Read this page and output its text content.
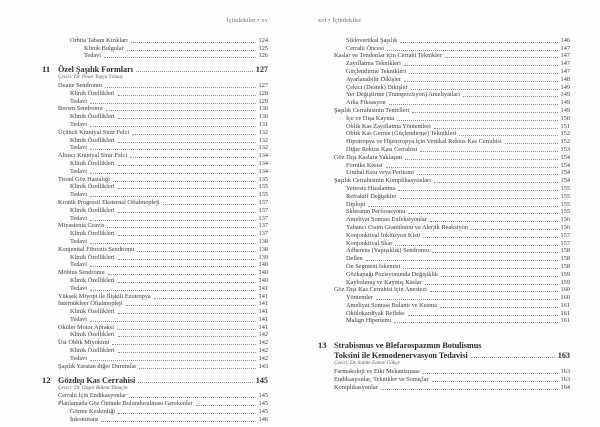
İçindekiler • xv	xvi • İçindekiler
Orbita Tabanı Kırıkları	124
Klinik Bulgular	125
Tedavi	126
11 Özel Şaşılık Formları	127
Çeviri: Dr. Pınar Topçu Yılmaz
Duane Sendromu	127
Klinik Özellikleri	128
Tedavi	129
Brown Sendromu	130
Klinik Özellikleri	130
Tedavi	131
Üçüncü Kraniyal Sinir Felci	132
Klinik Özellikleri	132
Tedavi	132
Altıncı Kraniyal Sinir Felci	134
Klinik Özellikleri	134
Tedavi	134
Tiroid Göz Hastalığı	135
Klinik Özellikleri	135
Tedavi	135
Kronik Progresif Eksternal Oftalmopleji	137
Klinik Özellikleri	137
Tedavi	137
Miyastenia Gravis	137
Klinik Özellikleri	137
Tedavi	138
Konjenital Fibrozis Sendromu	138
Klinik Özellikleri	139
Tedavi	140
Möbius Sendromu	140
Klinik Özellikleri	140
Tedavi	141
Yüksek Miyopi ile İlişkili Ezotropya	141
İnternükleer Oftalmopleji	141
Klinik Özellikleri	141
Tedavi	141
Oküler Motor Apraksi	141
Klinik Özellikleri	142
Üst Oblik Miyokimi	142
Klinik Özellikleri	142
Tedavi	142
Şaşılık Yaratan diğer Durumlar	143
12 Gözdışı Kas Cerrahisi	145
Çeviri: Dr. Özgür Bülent Timuçin
Cerrahi İçin Endikasyonlar	145
Planlamada Göz Önünde Bulundurulması Gerekenler	145
Görme Keskinliği	145
İnkomitans	146
Siklovertikal Şaşılık	146
Cerrahi Öncesi	147
Kaslar ve Tendonlar için Cerrahi Teknikler	147
Zayıflatma Teknikleri	147
Güçlendirme Teknikleri	147
Ayarlanabilir Dikişler	148
Çekici (Destek) Dikişler	149
Yer Değiştirme (Transpozisyon) Ameliyatları	149
Arka Fiksasyon	149
Şaşılık Cerrahisinin Temelleri	149
İçe ve Dışa Kayma	150
Oblik Kas Zayıflatma Yöntemleri	151
Oblik Kas Germe (Güçlendirme) Teknikleri	152
Hipotropya ve Hipertropya için Vertikal Rektus Kas Cerrahisi	152
Diğer Rektus Kası Cerrahisi	153
Göz Dışı Kaslara Yaklaşım	154
Forniks Kesisi	154
Limbal Kesi veya Peritomi	154
Şaşılık Cerrahisinin Komplikasyonları	154
Yetersiz Hizalanma	155
Refraktif Değişikler	155
Diplopi	155
Skleranın Perforasyonu	155
Ameliyat Sonrası Enfeksiyonlar	156
Yabancı Cisim Granülomu ve Alerjik Reaksiyon	156
Konjonktival İnklüzyon Kisti	157
Konjonktival Skar	157
Adherens (Yapışıklık) Sendromu	158
Dellen	158
Ön Segment İskemisi	158
Gözkapağı Pozisyonunda Değişiklik	159
Kaybolmuş ve Kaymış Kaslar	159
Göz Dışı Kas Cerrahisi için Anestezi	160
Yöntemler	160
Ameliyat Sonrası Bulantı ve Kusma	161
Okülokardiyak Refleks	161
Malign Hipertemi	161
13 Strabismus ve Blefarospazmın Botulismus
Toksini ile Kemodenervasyon Tedavisi	163
Çeviri: Dr. Sabite Emine Gökçe
Farmakoloji ve Etki Mekanizması	163
Endikasyonlar, Teknikler ve Sonuçlar	163
Komplikasyonlar	164
